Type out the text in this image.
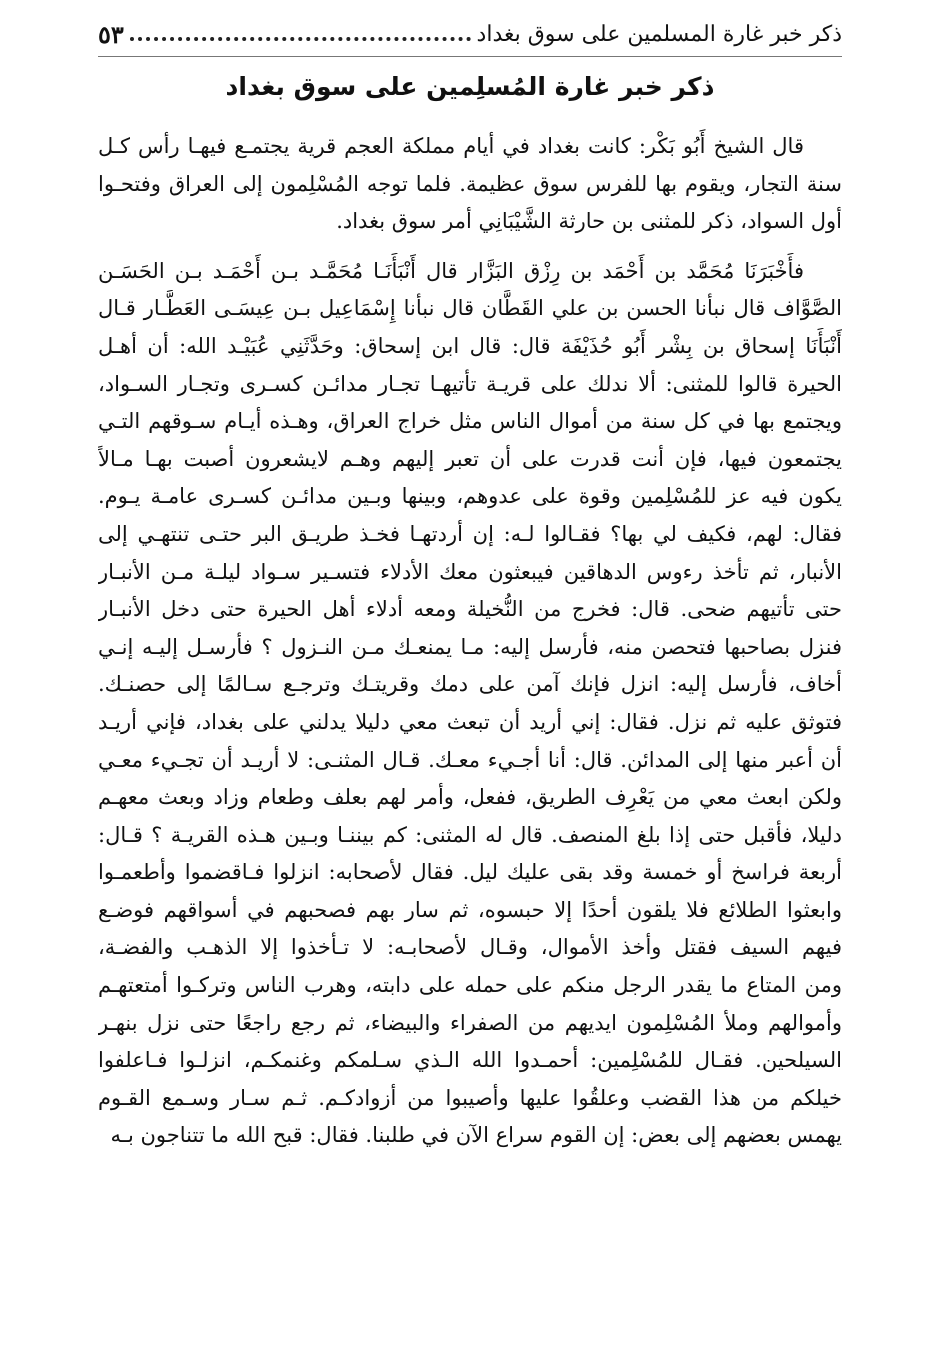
ذكر خبر غارة المسلمين على سوق بغداد
٥٣
ذكر خبر غارة المُسلِمين على سوق بغداد
قال الشيخ أَبُو بَكْر: كانت بغداد في أيام مملكة العجم قرية يجتمـع فيهـا رأس كـل
سنة التجار، ويقوم بها للفرس سوق عظيمة. فلما توجه المُسْلِمون إلى العراق وفتحـوا
أول السواد، ذكر للمثنى بن حارثة الشَّيْبَانِي أمر سوق بغداد.
فأَخْبَرَنَا مُحَمَّد بن أَحْمَد بن رِزْق البَزَّار قال أَنْبَأَنَـا مُحَمَّـد بـن أَحْمَـد بـن الحَسَـن
الصَّوَّاف قال نبأنا الحسن بن علي القَطَّان قال نبأنا إِسْمَاعِيل بـن عِيسَـى العَطَّـار قـال
أَنْبَأَنَا إسحاق بن بِشْر أَبُو حُذَيْفَة قال: قال ابن إسحاق: وحَدَّثَنِي عُبَيْـد الله: أن أهـل
الحيرة قالوا للمثنى: ألا ندلك على قريـة تأتيهـا تجـار مدائـن كسـرى وتجـار السـواد،
ويجتمع بها في كل سنة من أموال الناس مثل خراج العراق، وهـذه أيـام سـوقهم التـي
يجتمعون فيها، فإن أنت قدرت على أن تعبر إليهم وهـم لايشعرون أصبت بهـا مـالاً
يكون فيه عز للمُسْلِمين وقوة على عدوهم، وبينها وبـين مدائـن كسـرى عامـة يـوم.
فقال: لهم، فكيف لي بها؟ فقـالوا لـه: إن أردتهـا فخـذ طريـق البر حتـى تنتهـي إلى
الأنبار، ثم تأخذ رءوس الدهاقين فيبعثون معك الأدلاء فتسـير سـواد ليلـة مـن الأنبـار
حتى تأتيهم ضحى. قال: فخرج من النُّخيلة ومعه أدلاء أهل الحيرة حتى دخل الأنبـار
فنزل بصاحبها فتحصن منه، فأرسل إليه: مـا يمنعـك مـن النـزول ؟ فأرسـل إليـه إنـي
أخاف، فأرسل إليه: انزل فإنك آمن على دمك وقريتـك وترجـع سـالمًا إلى حصنـك.
فتوثق عليه ثم نزل. فقال: إني أريد أن تبعث معي دليلا يدلني على بغداد، فإني أريـد
أن أعبر منها إلى المدائن. قال: أنا أجـيء معـك. قـال المثنـى: لا أريـد أن تجـيء معـي
ولكن ابعث معي من يَعْرِف الطريق، ففعل، وأمر لهم بعلف وطعام وزاد وبعث معهـم
دليلا، فأقبل حتى إذا بلغ المنصف. قال له المثنى: كم بيننـا وبـين هـذه القريـة ؟ قـال:
أربعة فراسخ أو خمسة وقد بقى عليك ليل. فقال لأصحابه: انزلوا فـاقضموا وأطعمـوا
وابعثوا الطلائع فلا يلقون أحدًا إلا حبسوه، ثم سار بهم فصحبهم في أسواقهم فوضـع
فيهم السيف فقتل وأخذ الأموال، وقـال لأصحابـه: لا تـأخذوا إلا الذهـب والفضـة،
ومن المتاع ما يقدر الرجل منكم على حمله على دابته، وهرب الناس وتركـوا أمتعتهـم
وأموالهم وملأ المُسْلِمون ايديهم من الصفراء والبيضاء، ثم رجع راجعًا حتى نزل بنهـر
السيلحين. فقـال للمُسْلِمين: أحمـدوا الله الـذي سـلمكم وغنمكـم، انزلـوا فـاعلفوا
خيلكم من هذا القضب وعلقُوا عليها وأصيبوا من أزوادكـم. ثـم سـار وسـمع القـوم
يهمس بعضهم إلى بعض: إن القوم سراع الآن في طلبنا. فقال: قبح الله ما تتناجون بـه
